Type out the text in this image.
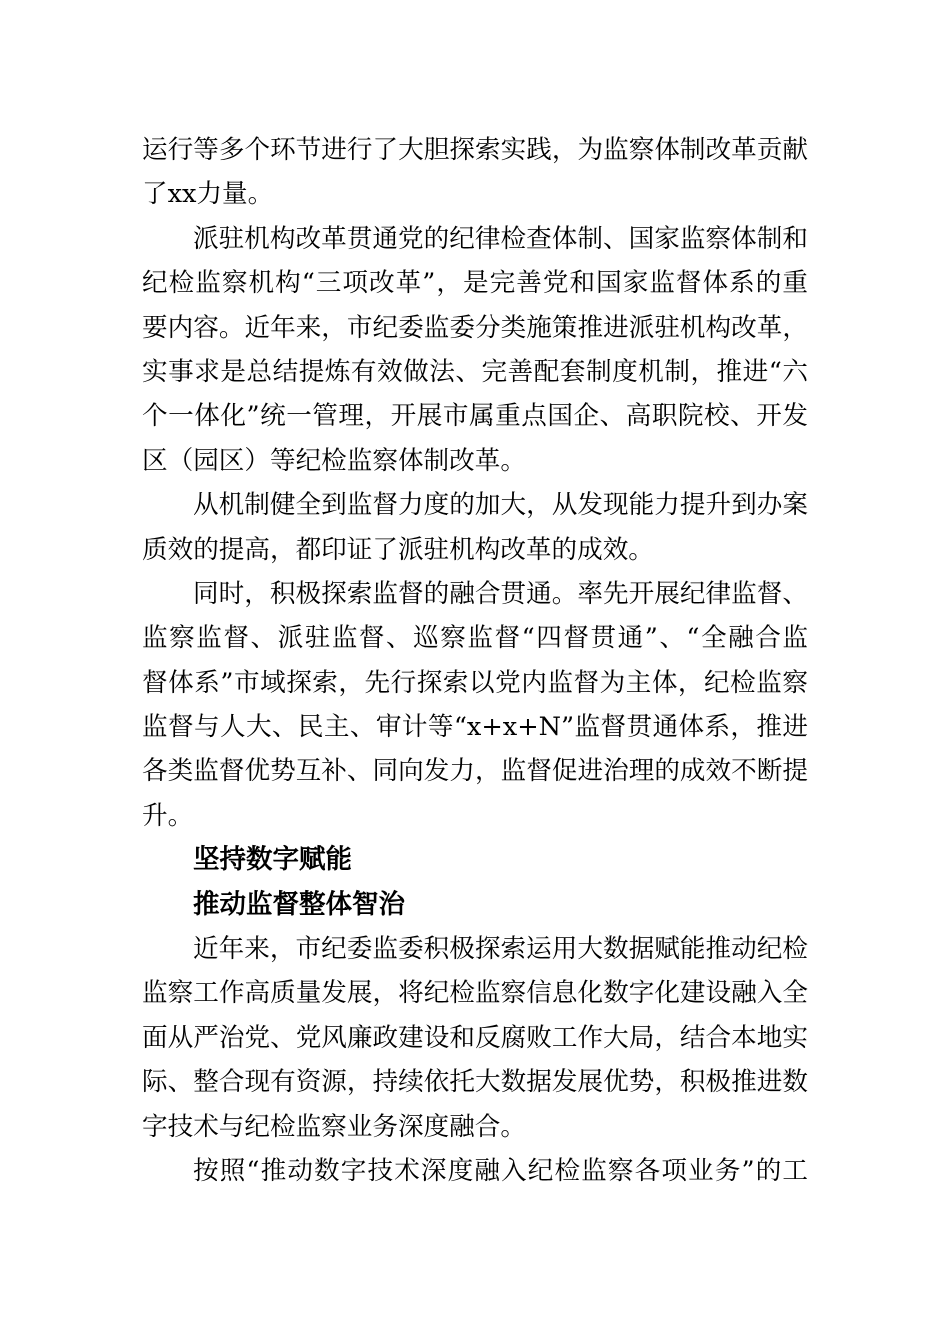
运行等多个环节进行了大胆探索实践，为监察体制改革贡献
了xx力量。
派驻机构改革贯通党的纪律检查体制、国家监察体制和
纪检监察机构“三项改革”，是完善党和国家监督体系的重
要内容。近年来，市纪委监委分类施策推进派驻机构改革，
实事求是总结提炼有效做法、完善配套制度机制，推进“六
个一体化”统一管理，开展市属重点国企、高职院校、开发
区（园区）等纪检监察体制改革。
从机制健全到监督力度的加大，从发现能力提升到办案
质效的提高，都印证了派驻机构改革的成效。
同时，积极探索监督的融合贯通。率先开展纪律监督、
监察监督、派驻监督、巡察监督“四督贯通”、“全融合监
督体系”市域探索，先行探索以党内监督为主体，纪检监察
监督与人大、民主、审计等“x+x+N”监督贯通体系，推进
各类监督优势互补、同向发力，监督促进治理的成效不断提
升。
坚持数字赋能
推动监督整体智治
近年来，市纪委监委积极探索运用大数据赋能推动纪检
监察工作高质量发展，将纪检监察信息化数字化建设融入全
面从严治党、党风廉政建设和反腐败工作大局，结合本地实
际、整合现有资源，持续依托大数据发展优势，积极推进数
字技术与纪检监察业务深度融合。
按照“推动数字技术深度融入纪检监察各项业务”的工
